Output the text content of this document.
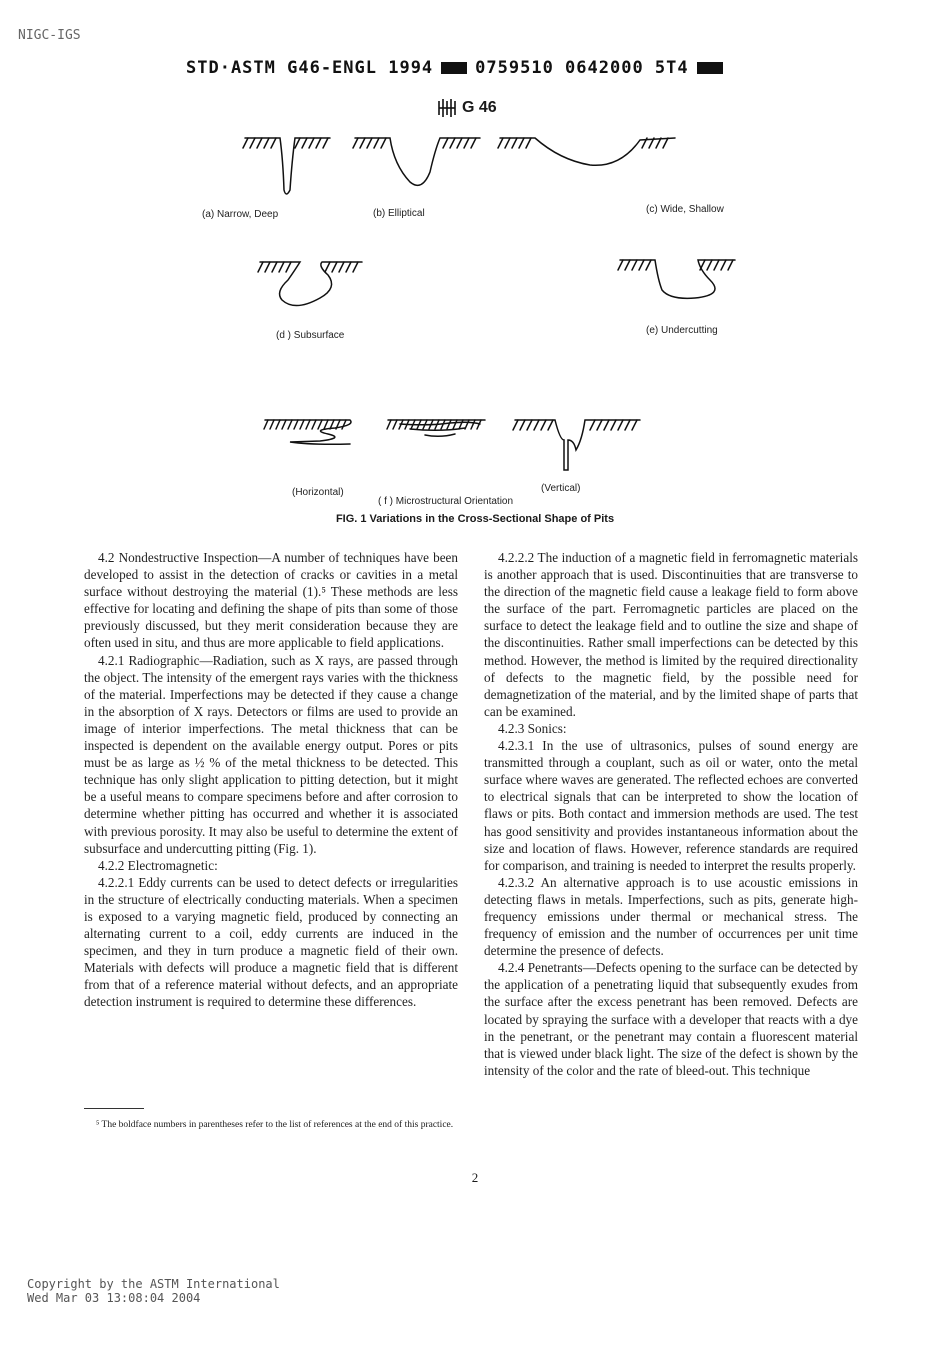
NIGC-IGS
STD·ASTM G46-ENGL 1994 0759510 0642000 5T4
G 46
(a) Narrow, Deep	(b) Elliptical	(c) Wide, Shallow
(d ) Subsurface	(e) Undercutting
(Horizontal)	(Vertical)
( f ) Microstructural Orientation
FIG. 1 Variations in the Cross-Sectional Shape of Pits

4.2 Nondestructive Inspection—A number of techniques have been developed to assist in the detection of cracks or cavities in a metal surface without destroying the material (1).⁵ These methods are less effective for locating and defining the shape of pits than some of those previously discussed, but they merit consideration because they are often used in situ, and thus are more applicable to field applications.

4.2.1 Radiographic—Radiation, such as X rays, are passed through the object. The intensity of the emergent rays varies with the thickness of the material. Imperfections may be detected if they cause a change in the absorption of X rays. Detectors or films are used to provide an image of interior imperfections. The metal thickness that can be inspected is dependent on the available energy output. Pores or pits must be as large as ½ % of the metal thickness to be detected. This technique has only slight application to pitting detection, but it might be a useful means to compare specimens before and after corrosion to determine whether pitting has occurred and whether it is associated with previous porosity. It may also be useful to determine the extent of subsurface and undercutting pitting (Fig. 1).

4.2.2 Electromagnetic:

4.2.2.1 Eddy currents can be used to detect defects or irregularities in the structure of electrically conducting materials. When a specimen is exposed to a varying magnetic field, produced by connecting an alternating current to a coil, eddy currents are induced in the specimen, and they in turn produce a magnetic field of their own. Materials with defects will produce a magnetic field that is different from that of a reference material without defects, and an appropriate detection instrument is required to determine these differences.

4.2.2.2 The induction of a magnetic field in ferromagnetic materials is another approach that is used. Discontinuities that are transverse to the direction of the magnetic field cause a leakage field to form above the surface of the part. Ferromagnetic particles are placed on the surface to detect the leakage field and to outline the size and shape of the discontinuities. Rather small imperfections can be detected by this method. However, the method is limited by the required directionality of defects to the magnetic field, by the possible need for demagnetization of the material, and by the limited shape of parts that can be examined.

4.2.3 Sonics:

4.2.3.1 In the use of ultrasonics, pulses of sound energy are transmitted through a couplant, such as oil or water, onto the metal surface where waves are generated. The reflected echoes are converted to electrical signals that can be interpreted to show the location of flaws or pits. Both contact and immersion methods are used. The test has good sensitivity and provides instantaneous information about the size and location of flaws. However, reference standards are required for comparison, and training is needed to interpret the results properly.

4.2.3.2 An alternative approach is to use acoustic emissions in detecting flaws in metals. Imperfections, such as pits, generate high-frequency emissions under thermal or mechanical stress. The frequency of emission and the number of occurrences per unit time determine the presence of defects.

4.2.4 Penetrants—Defects opening to the surface can be detected by the application of a penetrating liquid that subsequently exudes from the surface after the excess penetrant has been removed. Defects are located by spraying the surface with a developer that reacts with a dye in the penetrant, or the penetrant may contain a fluorescent material that is viewed under black light. The size of the defect is shown by the intensity of the color and the rate of bleed-out. This technique

⁵ The boldface numbers in parentheses refer to the list of references at the end of this practice.
2
Copyright by the ASTM International
Wed Mar 03 13:08:04 2004
